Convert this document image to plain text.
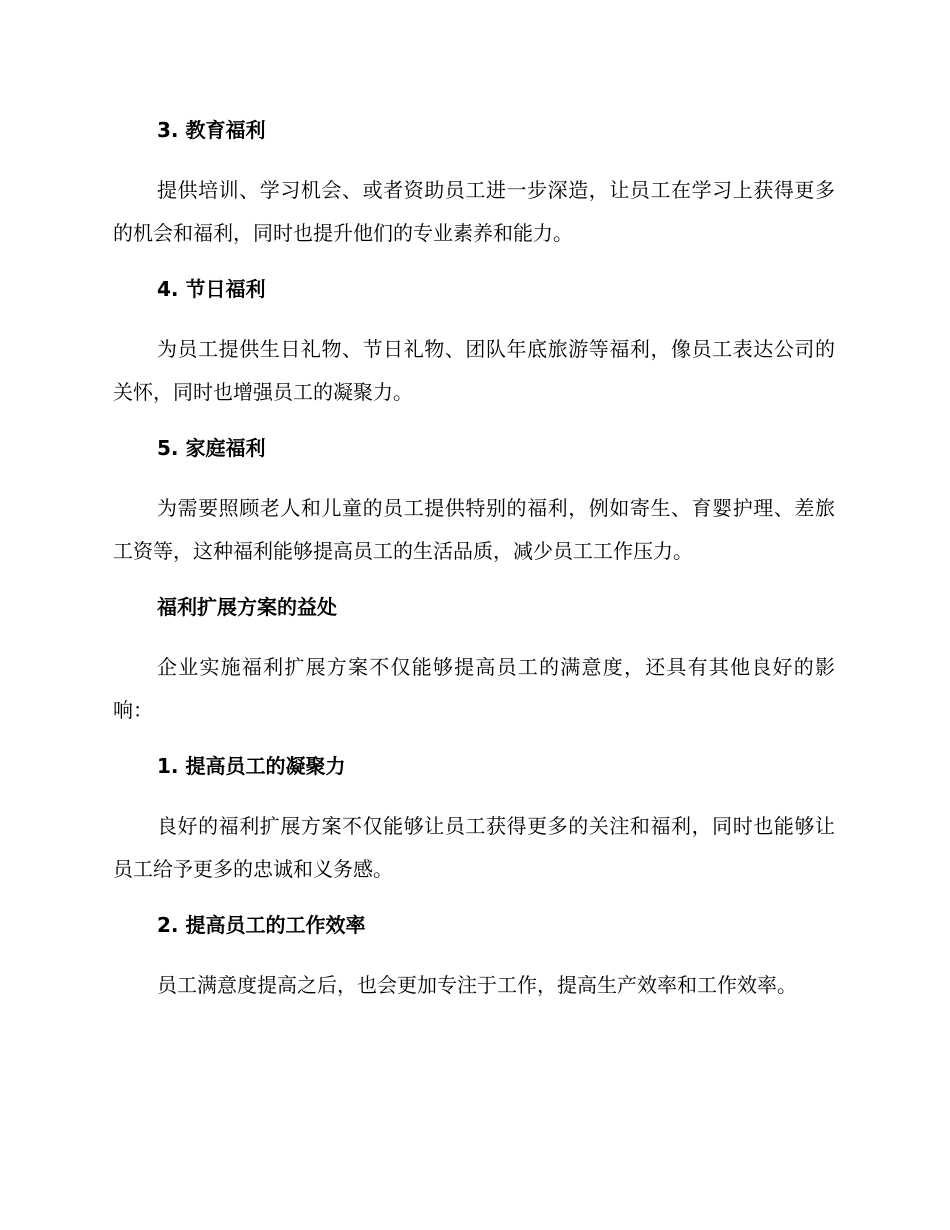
3. 教育福利

提供培训、学习机会、或者资助员工进一步深造，让员工在学习上获得更多的机会和福利，同时也提升他们的专业素养和能力。

4. 节日福利

为员工提供生日礼物、节日礼物、团队年底旅游等福利，像员工表达公司的关怀，同时也增强员工的凝聚力。

5. 家庭福利

为需要照顾老人和儿童的员工提供特别的福利，例如寄生、育婴护理、差旅工资等，这种福利能够提高员工的生活品质，减少员工工作压力。

福利扩展方案的益处

企业实施福利扩展方案不仅能够提高员工的满意度，还具有其他良好的影响：

1. 提高员工的凝聚力

良好的福利扩展方案不仅能够让员工获得更多的关注和福利，同时也能够让员工给予更多的忠诚和义务感。

2. 提高员工的工作效率

员工满意度提高之后，也会更加专注于工作，提高生产效率和工作效率。
